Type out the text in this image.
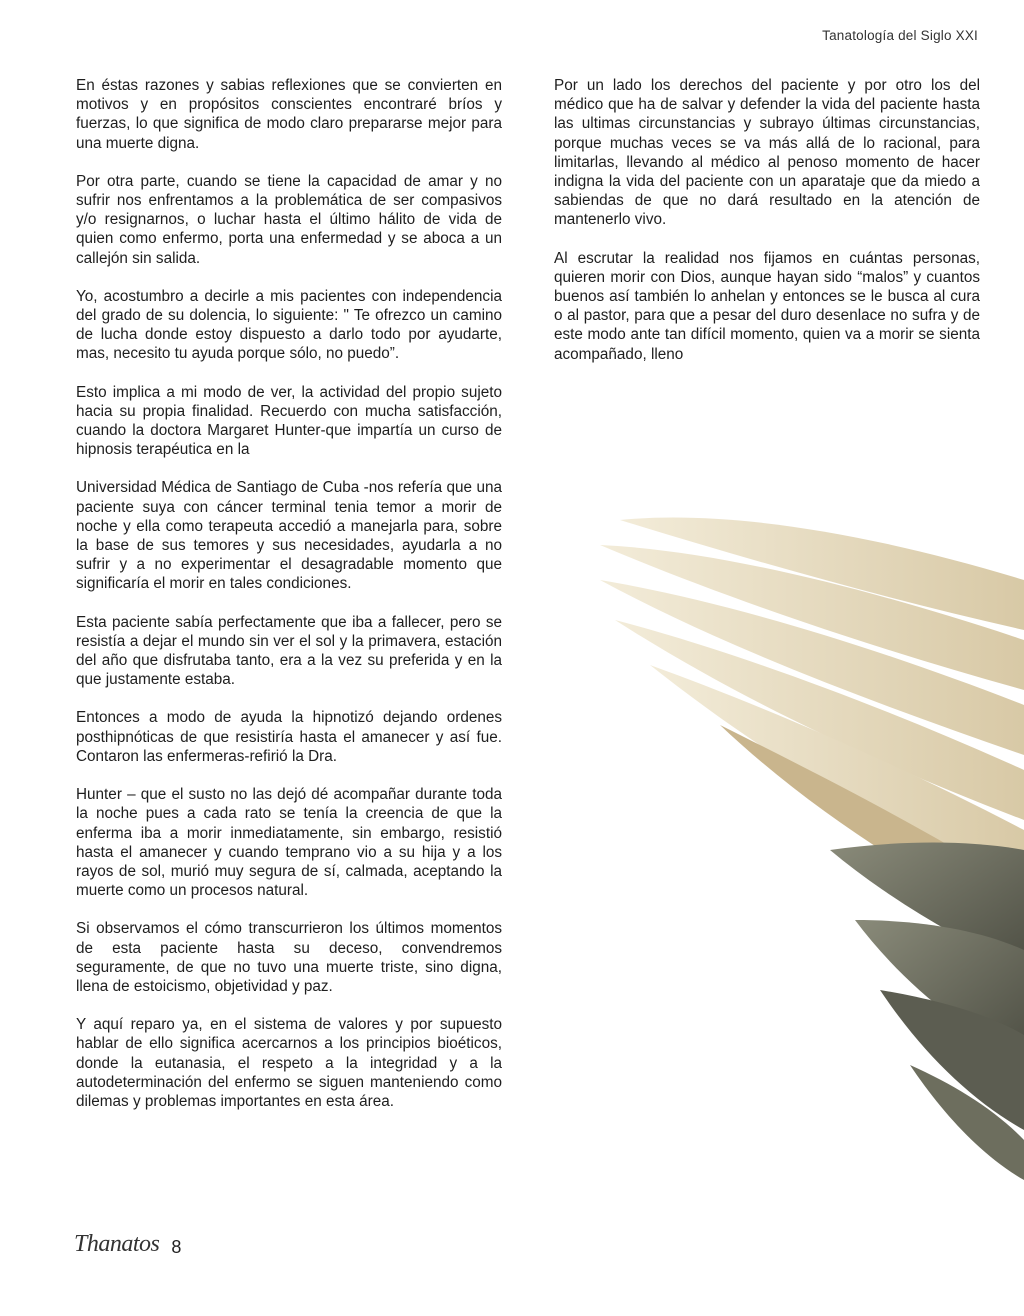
Tanatología del Siglo XXI

En éstas razones y sabias reflexiones que se convierten en motivos y en propósitos conscientes encontraré bríos y fuerzas, lo que significa de modo claro prepararse mejor para una muerte digna.

Por otra parte, cuando se tiene la capacidad de amar y no sufrir nos enfrentamos a la problemática de ser compasivos y/o resignarnos, o luchar hasta el último hálito de vida de quien como enfermo, porta una enfermedad y se aboca a un callejón sin salida.

Yo, acostumbro a decirle a mis pacientes con independencia del grado de su dolencia, lo siguiente: " Te ofrezco un camino de lucha donde estoy dispuesto a darlo todo por ayudarte, mas, necesito tu ayuda porque sólo, no puedo”.

Esto implica a mi modo de ver, la actividad del propio sujeto hacia su propia finalidad. Recuerdo con mucha satisfacción, cuando la doctora Margaret Hunter-que impartía un curso de hipnosis terapéutica en la

Universidad Médica de Santiago de Cuba -nos refería que una paciente suya con cáncer terminal tenia temor a morir de noche y ella como terapeuta accedió a manejarla para, sobre la base de sus temores y sus necesidades, ayudarla a no sufrir y a no experimentar el desagradable momento que significaría el morir en tales condiciones.

Esta paciente sabía perfectamente que iba a fallecer, pero se resistía a dejar el mundo sin ver el sol y la primavera, estación del año que disfrutaba tanto, era a la vez su preferida y en la que justamente estaba.

Entonces a modo de ayuda la hipnotizó dejando ordenes posthipnóticas de que resistiría hasta el amanecer y así fue. Contaron las enfermeras-refirió la Dra.

Hunter – que el susto no las dejó dé acompañar durante toda la noche pues a cada rato se tenía la creencia de que la enferma iba a morir inmediatamente, sin embargo, resistió hasta el amanecer y cuando temprano vio a su hija y a los rayos de sol, murió muy segura de sí, calmada, aceptando la muerte como un procesos natural.

Si observamos el cómo transcurrieron los últimos momentos de esta paciente hasta su deceso, convendremos seguramente, de que no tuvo una muerte triste, sino digna, llena de estoicismo, objetividad y paz.

Y aquí reparo ya, en el sistema de valores y por supuesto hablar de ello significa acercarnos a los principios bioéticos, donde la eutanasia, el respeto a la integridad y a la autodeterminación del enfermo se siguen manteniendo como dilemas y problemas importantes en esta área.

Por un lado los derechos del paciente y por otro los del médico que ha de salvar y defender la vida del paciente hasta las ultimas circunstancias y subrayo últimas circunstancias, porque muchas veces se va más allá de lo racional, para limitarlas, llevando al médico al penoso momento de hacer indigna la vida del paciente con un aparataje que da miedo a sabiendas de que no dará resultado en la atención de mantenerlo vivo.

Al escrutar la realidad nos fijamos en cuántas personas, quieren morir con Dios, aunque hayan sido “malos” y cuantos buenos así también lo anhelan y entonces se le busca al cura o al pastor, para que a pesar del duro desenlace no sufra y de este modo ante tan difícil momento, quien va a morir se sienta acompañado, lleno

Thanatos 8
